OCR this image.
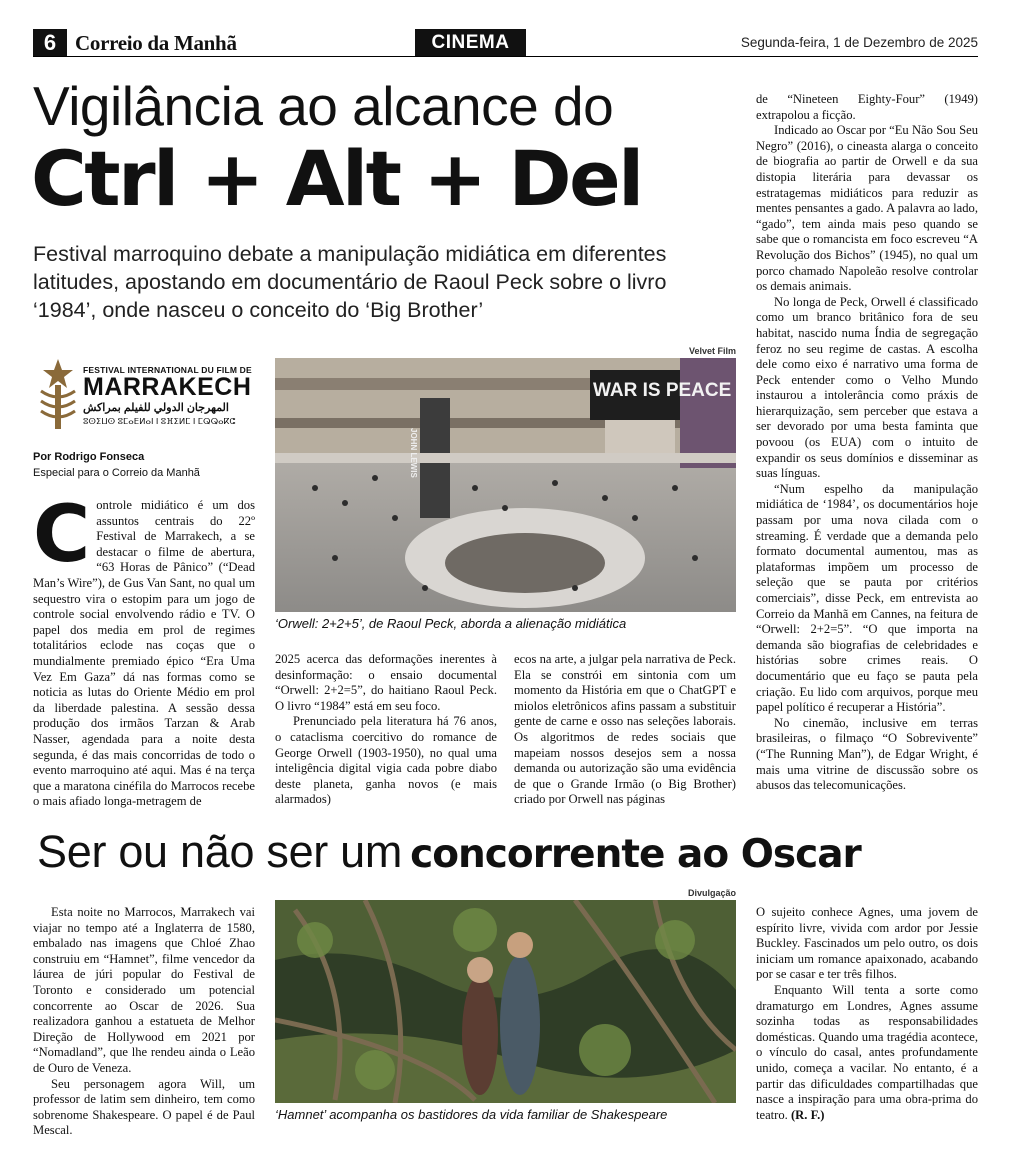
6 Correio da Manhã	CINEMA	Segunda-feira, 1 de Dezembro de 2025
Vigilância ao alcance do
Ctrl + Alt + Del
Festival marroquino debate a manipulação midiática em diferentes latitudes, apostando em documentário de Raoul Peck sobre o livro ‘1984’, onde nasceu o conceito do ‘Big Brother’
FESTIVAL INTERNATIONAL DU FILM DE
MARRAKECH
المهرجان الدولي للفيلم بمراكش
ⵓⵙⵉⵡⵙ ⵓⵎⴰⴹⵍⴰⵏ ⵏ ⵓⴼⵉⵍⵎ ⵏ ⵎⵕⵕⴰⴽⵛ
Por Rodrigo Fonseca
Especial para o Correio da Manhã
Velvet Film
WAR IS PEACE
JOHN LEWIS
‘Orwell: 2+2+5’, de Raoul Peck, aborda a alienação midiática
C ontrole midiático é um dos assuntos centrais do 22º Festival de Marrakech, a se destacar o filme de abertura, “63 Horas de Pânico” (“Dead Man’s Wire”), de Gus Van Sant, no qual um sequestro vira o estopim para um jogo de controle social envolvendo rádio e TV. O papel dos media em prol de regimes totalitários eclode nas coças que o mundialmente premiado épico “Era Uma Vez Em Gaza” dá nas formas como se noticia as lutas do Oriente Médio em prol da liberdade palestina. A sessão dessa produção dos irmãos Tarzan & Arab Nasser, agendada para a noite desta segunda, é das mais concorridas de todo o evento marroquino até aqui. Mas é na terça que a maratona cinéfila do Marrocos recebe o mais afiado longa-metragem de

2025 acerca das deformações inerentes à desinformação: o ensaio documental “Orwell: 2+2=5”, do haitiano Raoul Peck. O livro “1984” está em seu foco.

Prenunciado pela literatura há 76 anos, o cataclisma coercitivo do romance de George Orwell (1903-1950), no qual uma inteligência digital vigia cada pobre diabo deste planeta, ganha novos (e mais alarmados)

ecos na arte, a julgar pela narrativa de Peck. Ela se constrói em sintonia com um momento da História em que o ChatGPT e miolos eletrônicos afins passam a substituir gente de carne e osso nas seleções laborais. Os algoritmos de redes sociais que mapeiam nossos desejos sem a nossa demanda ou autorização são uma evidência de que o Grande Irmão (o Big Brother) criado por Orwell nas páginas

de “Nineteen Eighty-Four” (1949) extrapolou a ficção.

Indicado ao Oscar por “Eu Não Sou Seu Negro” (2016), o cineasta alarga o conceito de biografia ao partir de Orwell e da sua distopia literária para devassar os estratagemas midiáticos para reduzir as mentes pensantes a gado. A palavra ao lado, “gado”, tem ainda mais peso quando se sabe que o romancista em foco escreveu “A Revolução dos Bichos” (1945), no qual um porco chamado Napoleão resolve controlar os demais animais.

No longa de Peck, Orwell é classificado como um branco britânico fora de seu habitat, nascido numa Índia de segregação feroz no seu regime de castas. A escolha dele como eixo é narrativo uma forma de Peck entender como o Velho Mundo instaurou a intolerância como práxis de hierarquização, sem perceber que estava a ser devorado por uma besta faminta que povoou (os EUA) com o intuito de expandir os seus domínios e disseminar as suas línguas.

“Num espelho da manipulação midiática de ‘1984’, os documentários hoje passam por uma nova cilada com o streaming. É verdade que a demanda pelo formato documental aumentou, mas as plataformas impõem um processo de seleção que se pauta por critérios comerciais”, disse Peck, em entrevista ao Correio da Manhã em Cannes, na feitura de “Orwell: 2+2=5”. “O que importa na demanda são biografias de celebridades e histórias sobre crimes reais. O documentário que eu faço se pauta pela criação. Eu lido com arquivos, porque meu papel político é recuperar a História”.

No cinemão, inclusive em terras brasileiras, o filmaço “O Sobrevivente” (“The Running Man”), de Edgar Wright, é mais uma vitrine de discussão sobre os abusos das telecomunicações.

Ser ou não ser um concorrente ao Oscar
Divulgação
‘Hamnet’ acompanha os bastidores da vida familiar de Shakespeare

Esta noite no Marrocos, Marrakech vai viajar no tempo até a Inglaterra de 1580, embalado nas imagens que Chloé Zhao construiu em “Hamnet”, filme vencedor da láurea de júri popular do Festival de Toronto e considerado um potencial concorrente ao Oscar de 2026. Sua realizadora ganhou a estatueta de Melhor Direção de Hollywood em 2021 por “Nomadland”, que lhe rendeu ainda o Leão de Ouro de Veneza.

Seu personagem agora Will, um professor de latim sem dinheiro, tem como sobrenome Shakespeare. O papel é de Paul Mescal.

O sujeito conhece Agnes, uma jovem de espírito livre, vivida com ardor por Jessie Buckley. Fascinados um pelo outro, os dois iniciam um romance apaixonado, acabando por se casar e ter três filhos.

Enquanto Will tenta a sorte como dramaturgo em Londres, Agnes assume sozinha todas as responsabilidades domésticas. Quando uma tragédia acontece, o vínculo do casal, antes profundamente unido, começa a vacilar. No entanto, é a partir das dificuldades compartilhadas que nasce a inspiração para uma obra-prima do teatro. (R. F.)
